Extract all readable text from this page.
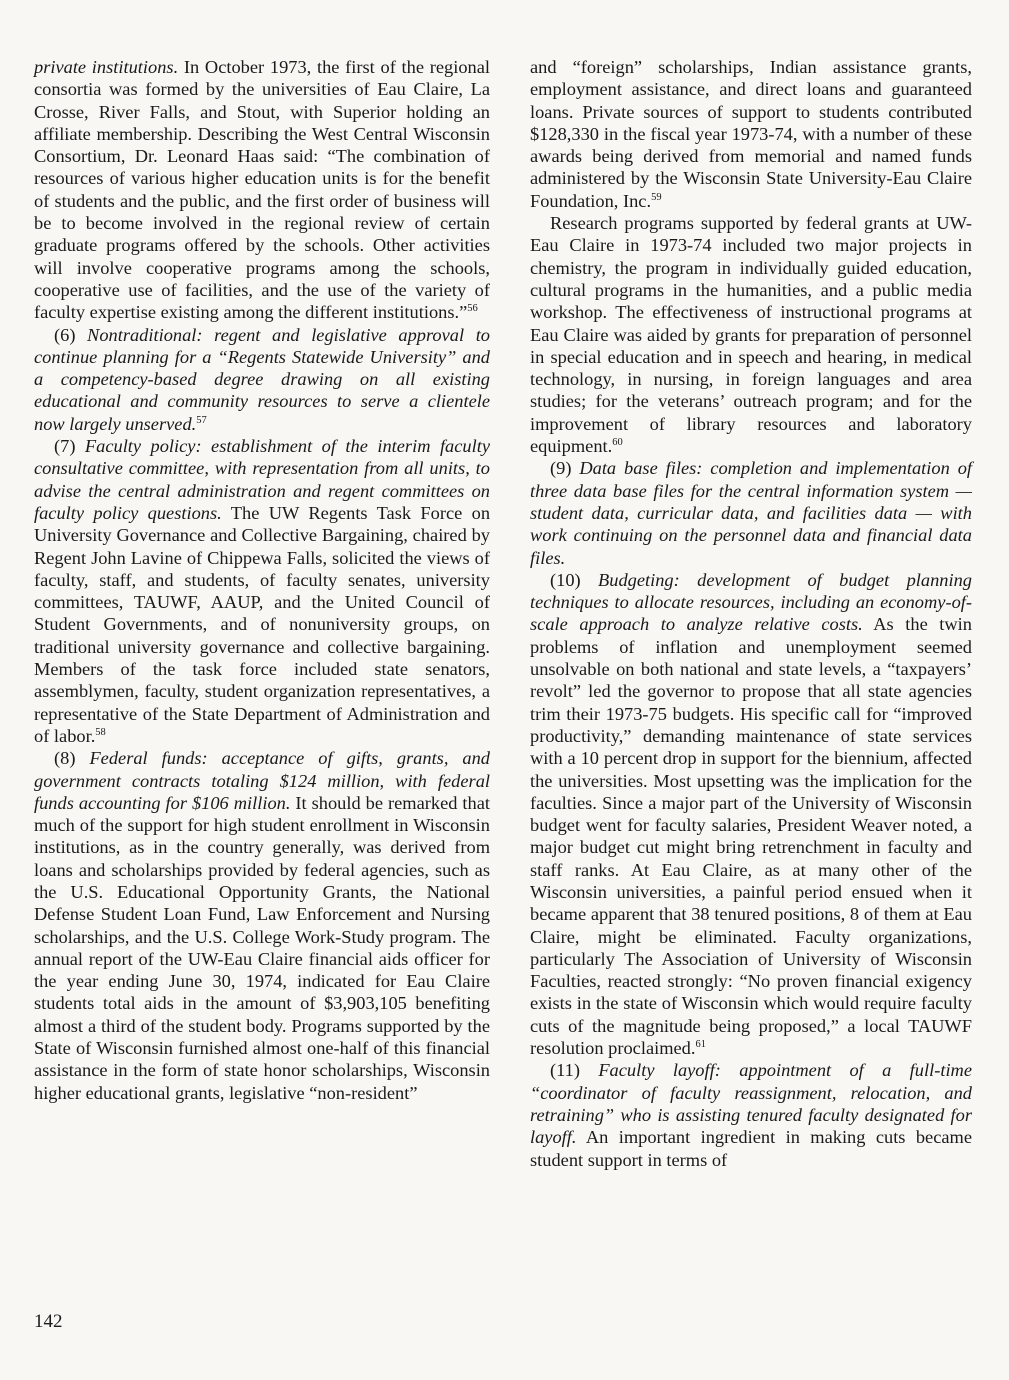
private institutions. In October 1973, the first of the regional consortia was formed by the universities of Eau Claire, La Crosse, River Falls, and Stout, with Superior holding an affiliate membership. Describing the West Central Wisconsin Consortium, Dr. Leonard Haas said: “The combination of resources of various higher education units is for the benefit of students and the public, and the first order of business will be to become involved in the regional review of certain graduate programs offered by the schools. Other activities will involve cooperative programs among the schools, cooperative use of facilities, and the use of the variety of faculty expertise existing among the different institutions.”$^{56}$

(6) Nontraditional: regent and legislative approval to continue planning for a “Regents Statewide University” and a competency-based degree drawing on all existing educational and community resources to serve a clientele now largely unserved.$^{57}$

(7) Faculty policy: establishment of the interim faculty consultative committee, with representation from all units, to advise the central administration and regent committees on faculty policy questions. The UW Regents Task Force on University Governance and Collective Bargaining, chaired by Regent John Lavine of Chippewa Falls, solicited the views of faculty, staff, and students, of faculty senates, university committees, TAUWF, AAUP, and the United Council of Student Governments, and of nonuniversity groups, on traditional university governance and collective bargaining. Members of the task force included state senators, assemblymen, faculty, student organization representatives, a representative of the State Department of Administration and of labor.$^{58}$

(8) Federal funds: acceptance of gifts, grants, and government contracts totaling $124 million, with federal funds accounting for $106 million. It should be remarked that much of the support for high student enrollment in Wisconsin institutions, as in the country generally, was derived from loans and scholarships provided by federal agencies, such as the U.S. Educational Opportunity Grants, the National Defense Student Loan Fund, Law Enforcement and Nursing scholarships, and the U.S. College Work-Study program. The annual report of the UW-Eau Claire financial aids officer for the year ending June 30, 1974, indicated for Eau Claire students total aids in the amount of $3,903,105 benefiting almost a third of the student body. Programs supported by the State of Wisconsin furnished almost one-half of this financial assistance in the form of state honor scholarships, Wisconsin higher educational grants, legislative “non-resident”

and “foreign” scholarships, Indian assistance grants, employment assistance, and direct loans and guaranteed loans. Private sources of support to students contributed $128,330 in the fiscal year 1973-74, with a number of these awards being derived from memorial and named funds administered by the Wisconsin State University-Eau Claire Foundation, Inc.$^{59}$

Research programs supported by federal grants at UW-Eau Claire in 1973-74 included two major projects in chemistry, the program in individually guided education, cultural programs in the humanities, and a public media workshop. The effectiveness of instructional programs at Eau Claire was aided by grants for preparation of personnel in special education and in speech and hearing, in medical technology, in nursing, in foreign languages and area studies; for the veterans’ outreach program; and for the improvement of library resources and laboratory equipment.$^{60}$

(9) Data base files: completion and implementation of three data base files for the central information system — student data, curricular data, and facilities data — with work continuing on the personnel data and financial data files.

(10) Budgeting: development of budget planning techniques to allocate resources, including an economy-of-scale approach to analyze relative costs. As the twin problems of inflation and unemployment seemed unsolvable on both national and state levels, a “taxpayers’ revolt” led the governor to propose that all state agencies trim their 1973-75 budgets. His specific call for “improved productivity,” demanding maintenance of state services with a 10 percent drop in support for the biennium, affected the universities. Most upsetting was the implication for the faculties. Since a major part of the University of Wisconsin budget went for faculty salaries, President Weaver noted, a major budget cut might bring retrenchment in faculty and staff ranks. At Eau Claire, as at many other of the Wisconsin universities, a painful period ensued when it became apparent that 38 tenured positions, 8 of them at Eau Claire, might be eliminated. Faculty organizations, particularly The Association of University of Wisconsin Faculties, reacted strongly: “No proven financial exigency exists in the state of Wisconsin which would require faculty cuts of the magnitude being proposed,” a local TAUWF resolution proclaimed.$^{61}$

(11) Faculty layoff: appointment of a full-time “coordinator of faculty reassignment, relocation, and retraining” who is assisting tenured faculty designated for layoff. An important ingredient in making cuts became student support in terms of

142
